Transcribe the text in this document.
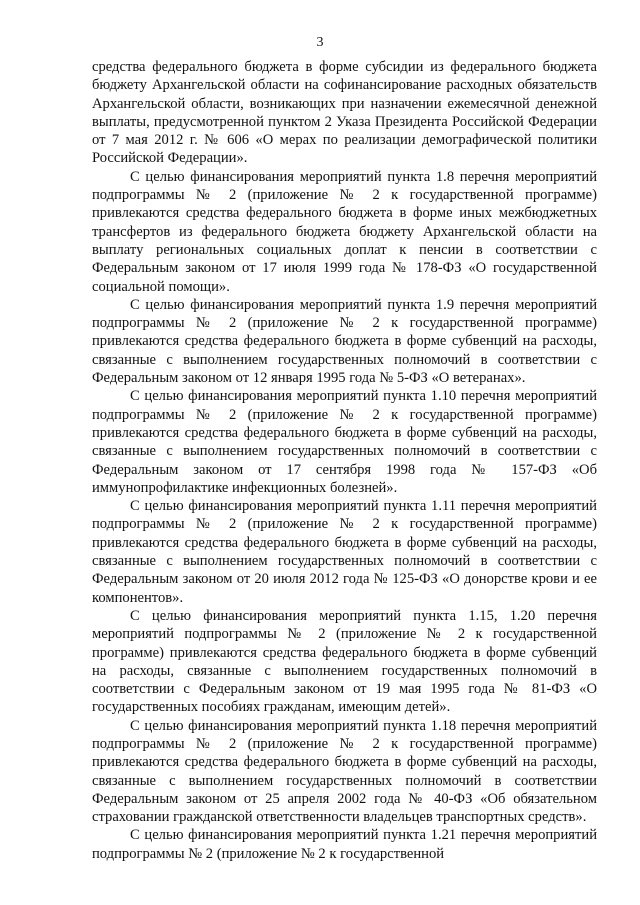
3

средства федерального бюджета в форме субсидии из федерального бюджета бюджету Архангельской области на софинансирование расходных обязательств Архангельской области, возникающих при назначении ежемесячной денежной выплаты, предусмотренной пунктом 2 Указа Президента Российской Федерации от 7 мая 2012 г. № 606 «О мерах по реализации демографической политики Российской Федерации».

С целью финансирования мероприятий пункта 1.8 перечня мероприятий подпрограммы № 2 (приложение № 2 к государственной программе) привлекаются средства федерального бюджета в форме иных межбюджетных трансфертов из федерального бюджета бюджету Архангельской области на выплату региональных социальных доплат к пенсии в соответствии с Федеральным законом от 17 июля 1999 года № 178-ФЗ «О государственной социальной помощи».

С целью финансирования мероприятий пункта 1.9 перечня мероприятий подпрограммы № 2 (приложение № 2 к государственной программе) привлекаются средства федерального бюджета в форме субвенций на расходы, связанные с выполнением государственных полномочий в соответствии с Федеральным законом от 12 января 1995 года № 5-ФЗ «О ветеранах».

С целью финансирования мероприятий пункта 1.10 перечня мероприятий подпрограммы № 2 (приложение № 2 к государственной программе) привлекаются средства федерального бюджета в форме субвенций на расходы, связанные с выполнением государственных полномочий в соответствии с Федеральным законом от 17 сентября 1998 года № 157-ФЗ «Об иммунопрофилактике инфекционных болезней».

С целью финансирования мероприятий пункта 1.11 перечня мероприятий подпрограммы № 2 (приложение № 2 к государственной программе) привлекаются средства федерального бюджета в форме субвенций на расходы, связанные с выполнением государственных полномочий в соответствии с Федеральным законом от 20 июля 2012 года № 125-ФЗ «О донорстве крови и ее компонентов».

С целью финансирования мероприятий пункта 1.15, 1.20 перечня мероприятий подпрограммы № 2 (приложение № 2 к государственной программе) привлекаются средства федерального бюджета в форме субвенций на расходы, связанные с выполнением государственных полномочий в соответствии с Федеральным законом от 19 мая 1995 года № 81-ФЗ «О государственных пособиях гражданам, имеющим детей».

С целью финансирования мероприятий пункта 1.18 перечня мероприятий подпрограммы № 2 (приложение № 2 к государственной программе) привлекаются средства федерального бюджета в форме субвенций на расходы, связанные с выполнением государственных полномочий в соответствии Федеральным законом от 25 апреля 2002 года № 40-ФЗ «Об обязательном страховании гражданской ответственности владельцев транспортных средств».

С целью финансирования мероприятий пункта 1.21 перечня мероприятий подпрограммы № 2 (приложение № 2 к государственной
